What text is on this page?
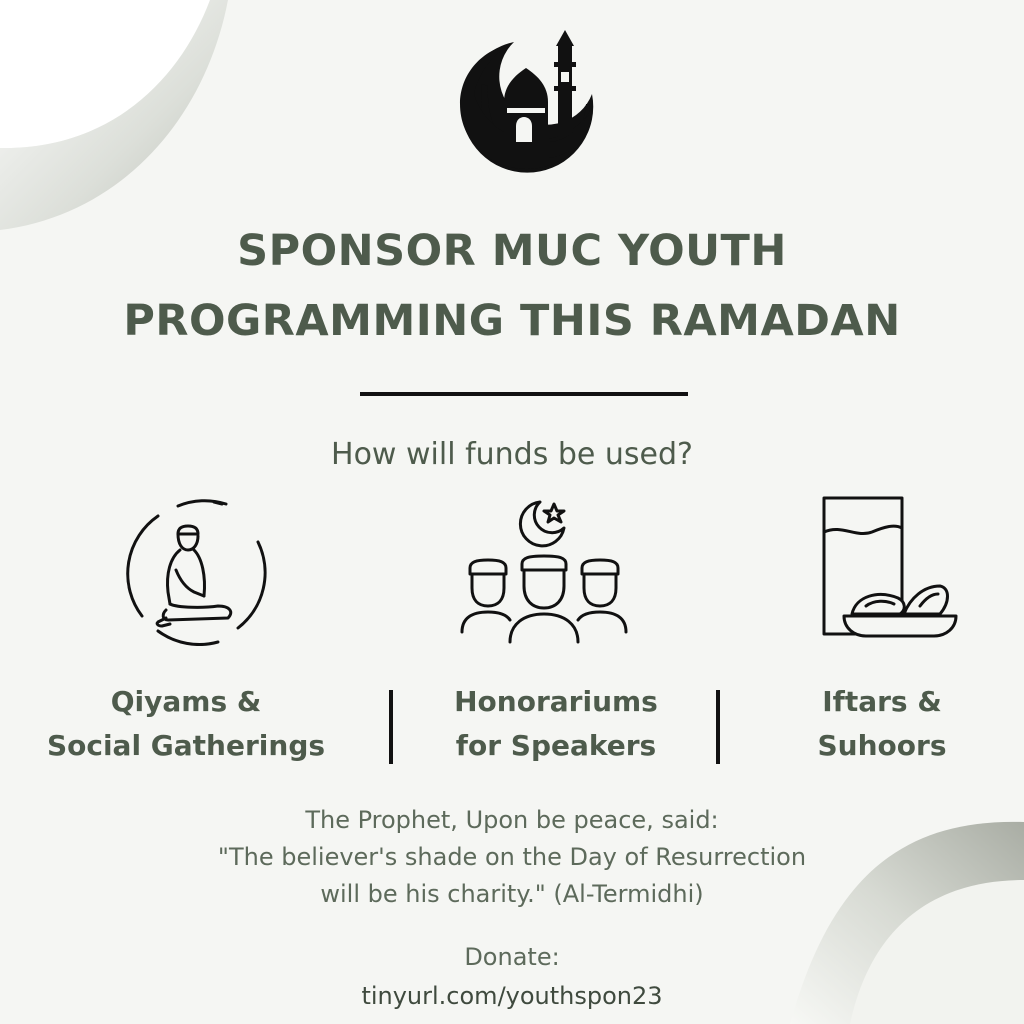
SPONSOR MUC YOUTH
PROGRAMMING THIS RAMADAN
How will funds be used?
Qiyams &
Social Gatherings
Honorariums
for Speakers
Iftars &
Suhoors
The Prophet, Upon be peace, said:
"The believer's shade on the Day of Resurrection
will be his charity." (Al-Termidhi)
Donate:
tinyurl.com/youthspon23
